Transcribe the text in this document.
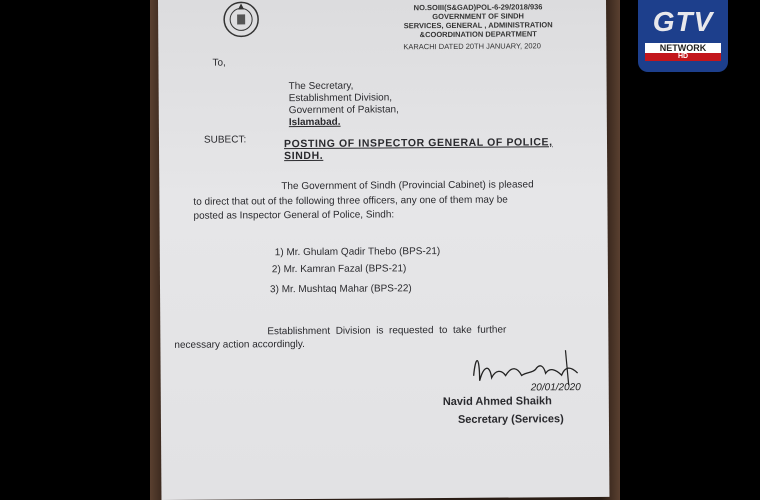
NO.SOIII(S&GAD)POL-6-29/2018/936
GOVERNMENT OF SINDH
SERVICES, GENERAL , ADMINISTRATION
&COORDINATION DEPARTMENT
KARACHI DATED 20TH JANUARY, 2020
To,
The Secretary,
Establishment Division,
Government of Pakistan,
Islamabad.
SUBECT:	POSTING OF INSPECTOR GENERAL OF POLICE,
SINDH.
The Government of Sindh (Provincial Cabinet) is pleased
to direct that out of the following three officers, any one of them may be
posted as Inspector General of Police, Sindh:
1) Mr. Ghulam Qadir Thebo (BPS-21)
2) Mr. Kamran Fazal (BPS-21)
3) Mr. Mushtaq Mahar (BPS-22)
Establishment  Division  is  requested  to  take  further
necessary action accordingly.
20/01/2020
Navid Ahmed Shaikh
Secretary (Services)
GTV
NETWORK
HD
